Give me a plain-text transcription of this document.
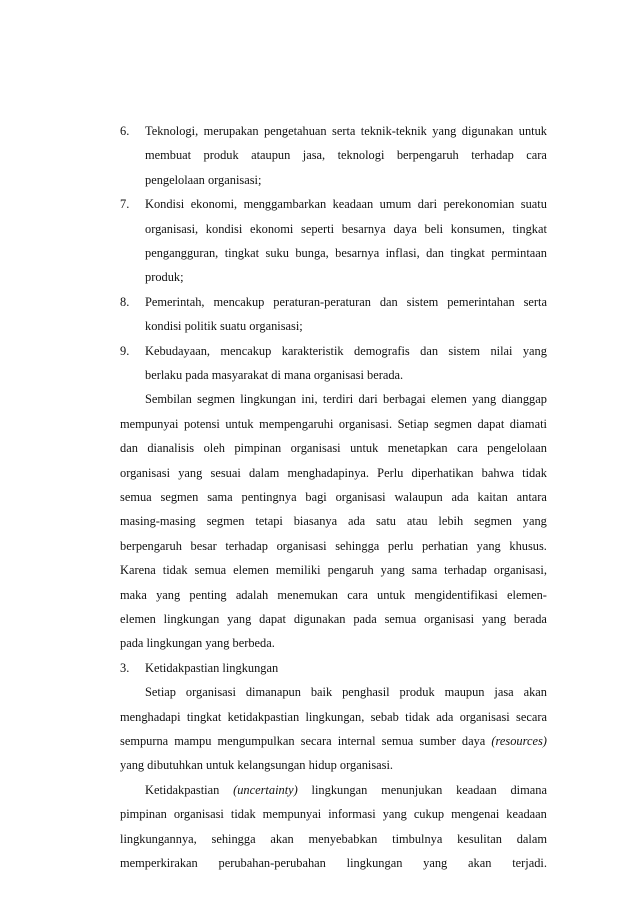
6. Teknologi, merupakan pengetahuan serta teknik-teknik yang digunakan untuk
membuat produk ataupun jasa, teknologi berpengaruh terhadap cara
pengelolaan organisasi;
7. Kondisi ekonomi, menggambarkan keadaan umum dari perekonomian suatu
organisasi, kondisi ekonomi seperti besarnya daya beli konsumen, tingkat
pengangguran, tingkat suku bunga, besarnya inflasi, dan tingkat permintaan
produk;
8. Pemerintah, mencakup peraturan-peraturan dan sistem pemerintahan serta
kondisi politik suatu organisasi;
9. Kebudayaan, mencakup karakteristik demografis dan sistem nilai yang
berlaku pada masyarakat di mana organisasi berada.
Sembilan segmen lingkungan ini, terdiri dari berbagai elemen yang dianggap
mempunyai potensi untuk mempengaruhi organisasi. Setiap segmen dapat diamati
dan dianalisis oleh pimpinan organisasi untuk menetapkan cara pengelolaan
organisasi yang sesuai dalam menghadapinya. Perlu diperhatikan bahwa tidak
semua segmen sama pentingnya bagi organisasi walaupun ada kaitan antara
masing-masing segmen tetapi biasanya ada satu atau lebih segmen yang
berpengaruh besar terhadap organisasi sehingga perlu perhatian yang khusus.
Karena tidak semua elemen memiliki pengaruh yang sama terhadap organisasi,
maka yang penting adalah menemukan cara untuk mengidentifikasi elemen-
elemen lingkungan yang dapat digunakan pada semua organisasi yang berada
pada lingkungan yang berbeda.
3. Ketidakpastian lingkungan
Setiap organisasi dimanapun baik penghasil produk maupun jasa akan
menghadapi tingkat ketidakpastian lingkungan, sebab tidak ada organisasi secara
sempurna mampu mengumpulkan secara internal semua sumber daya (resources)
yang dibutuhkan untuk kelangsungan hidup organisasi.
Ketidakpastian (uncertainty) lingkungan menunjukan keadaan dimana
pimpinan organisasi tidak mempunyai informasi yang cukup mengenai keadaan
lingkungannya, sehingga akan menyebabkan timbulnya kesulitan dalam
memperkirakan perubahan-perubahan lingkungan yang akan terjadi.
